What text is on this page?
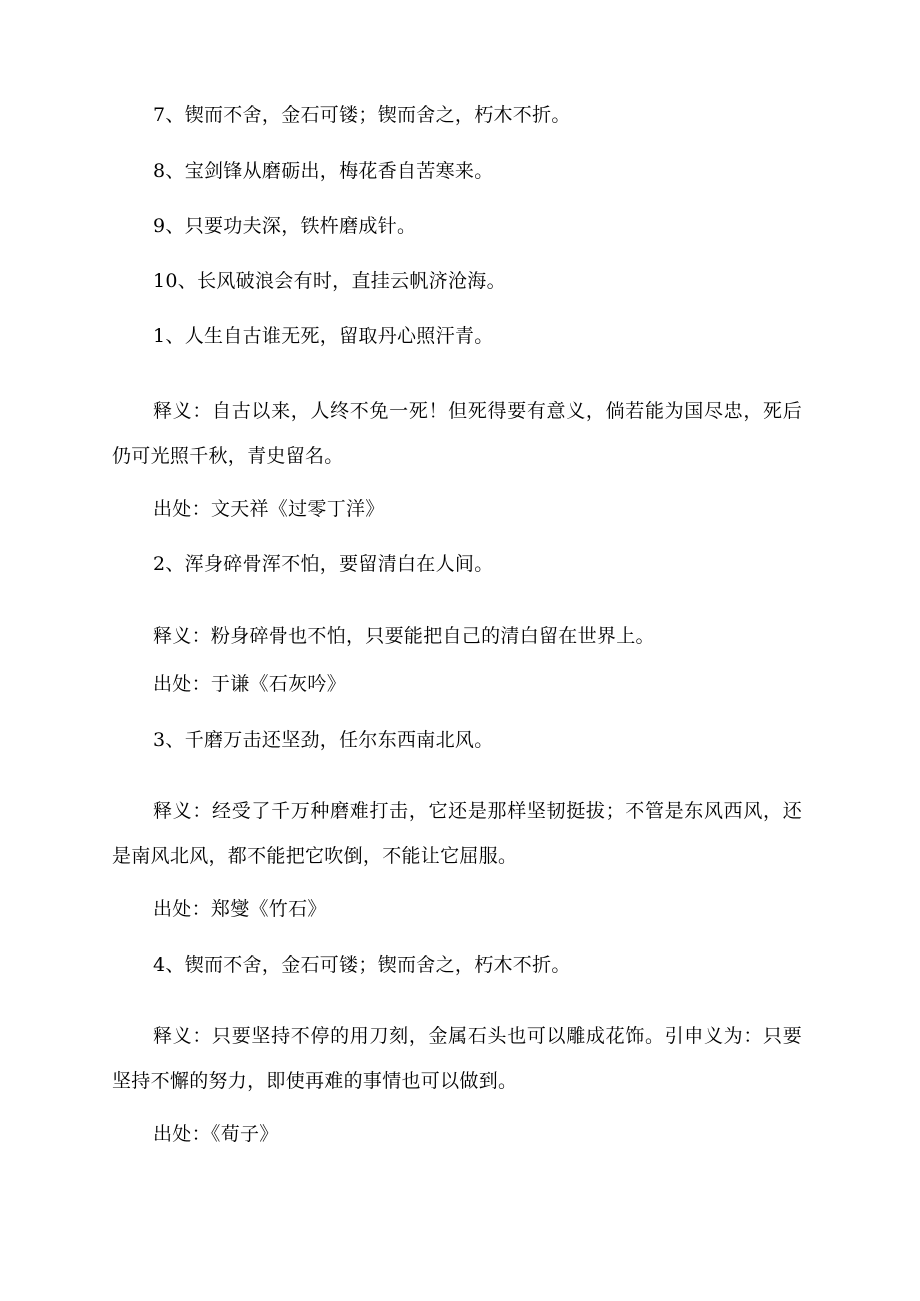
7、锲而不舍，金石可镂；锲而舍之，朽木不折。
8、宝剑锋从磨砺出，梅花香自苦寒来。
9、只要功夫深，铁杵磨成针。
10、长风破浪会有时，直挂云帆济沧海。
1、人生自古谁无死，留取丹心照汗青。
释义：自古以来，人终不免一死！但死得要有意义，倘若能为国尽忠，死后仍可光照千秋，青史留名。
出处：文天祥《过零丁洋》
2、浑身碎骨浑不怕，要留清白在人间。
释义：粉身碎骨也不怕，只要能把自己的清白留在世界上。
出处：于谦《石灰吟》
3、千磨万击还坚劲，任尔东西南北风。
释义：经受了千万种磨难打击，它还是那样坚韧挺拔；不管是东风西风，还是南风北风，都不能把它吹倒，不能让它屈服。
出处：郑燮《竹石》
4、锲而不舍，金石可镂；锲而舍之，朽木不折。
释义：只要坚持不停的用刀刻，金属石头也可以雕成花饰。引申义为：只要坚持不懈的努力，即使再难的事情也可以做到。
出处：《荀子》
